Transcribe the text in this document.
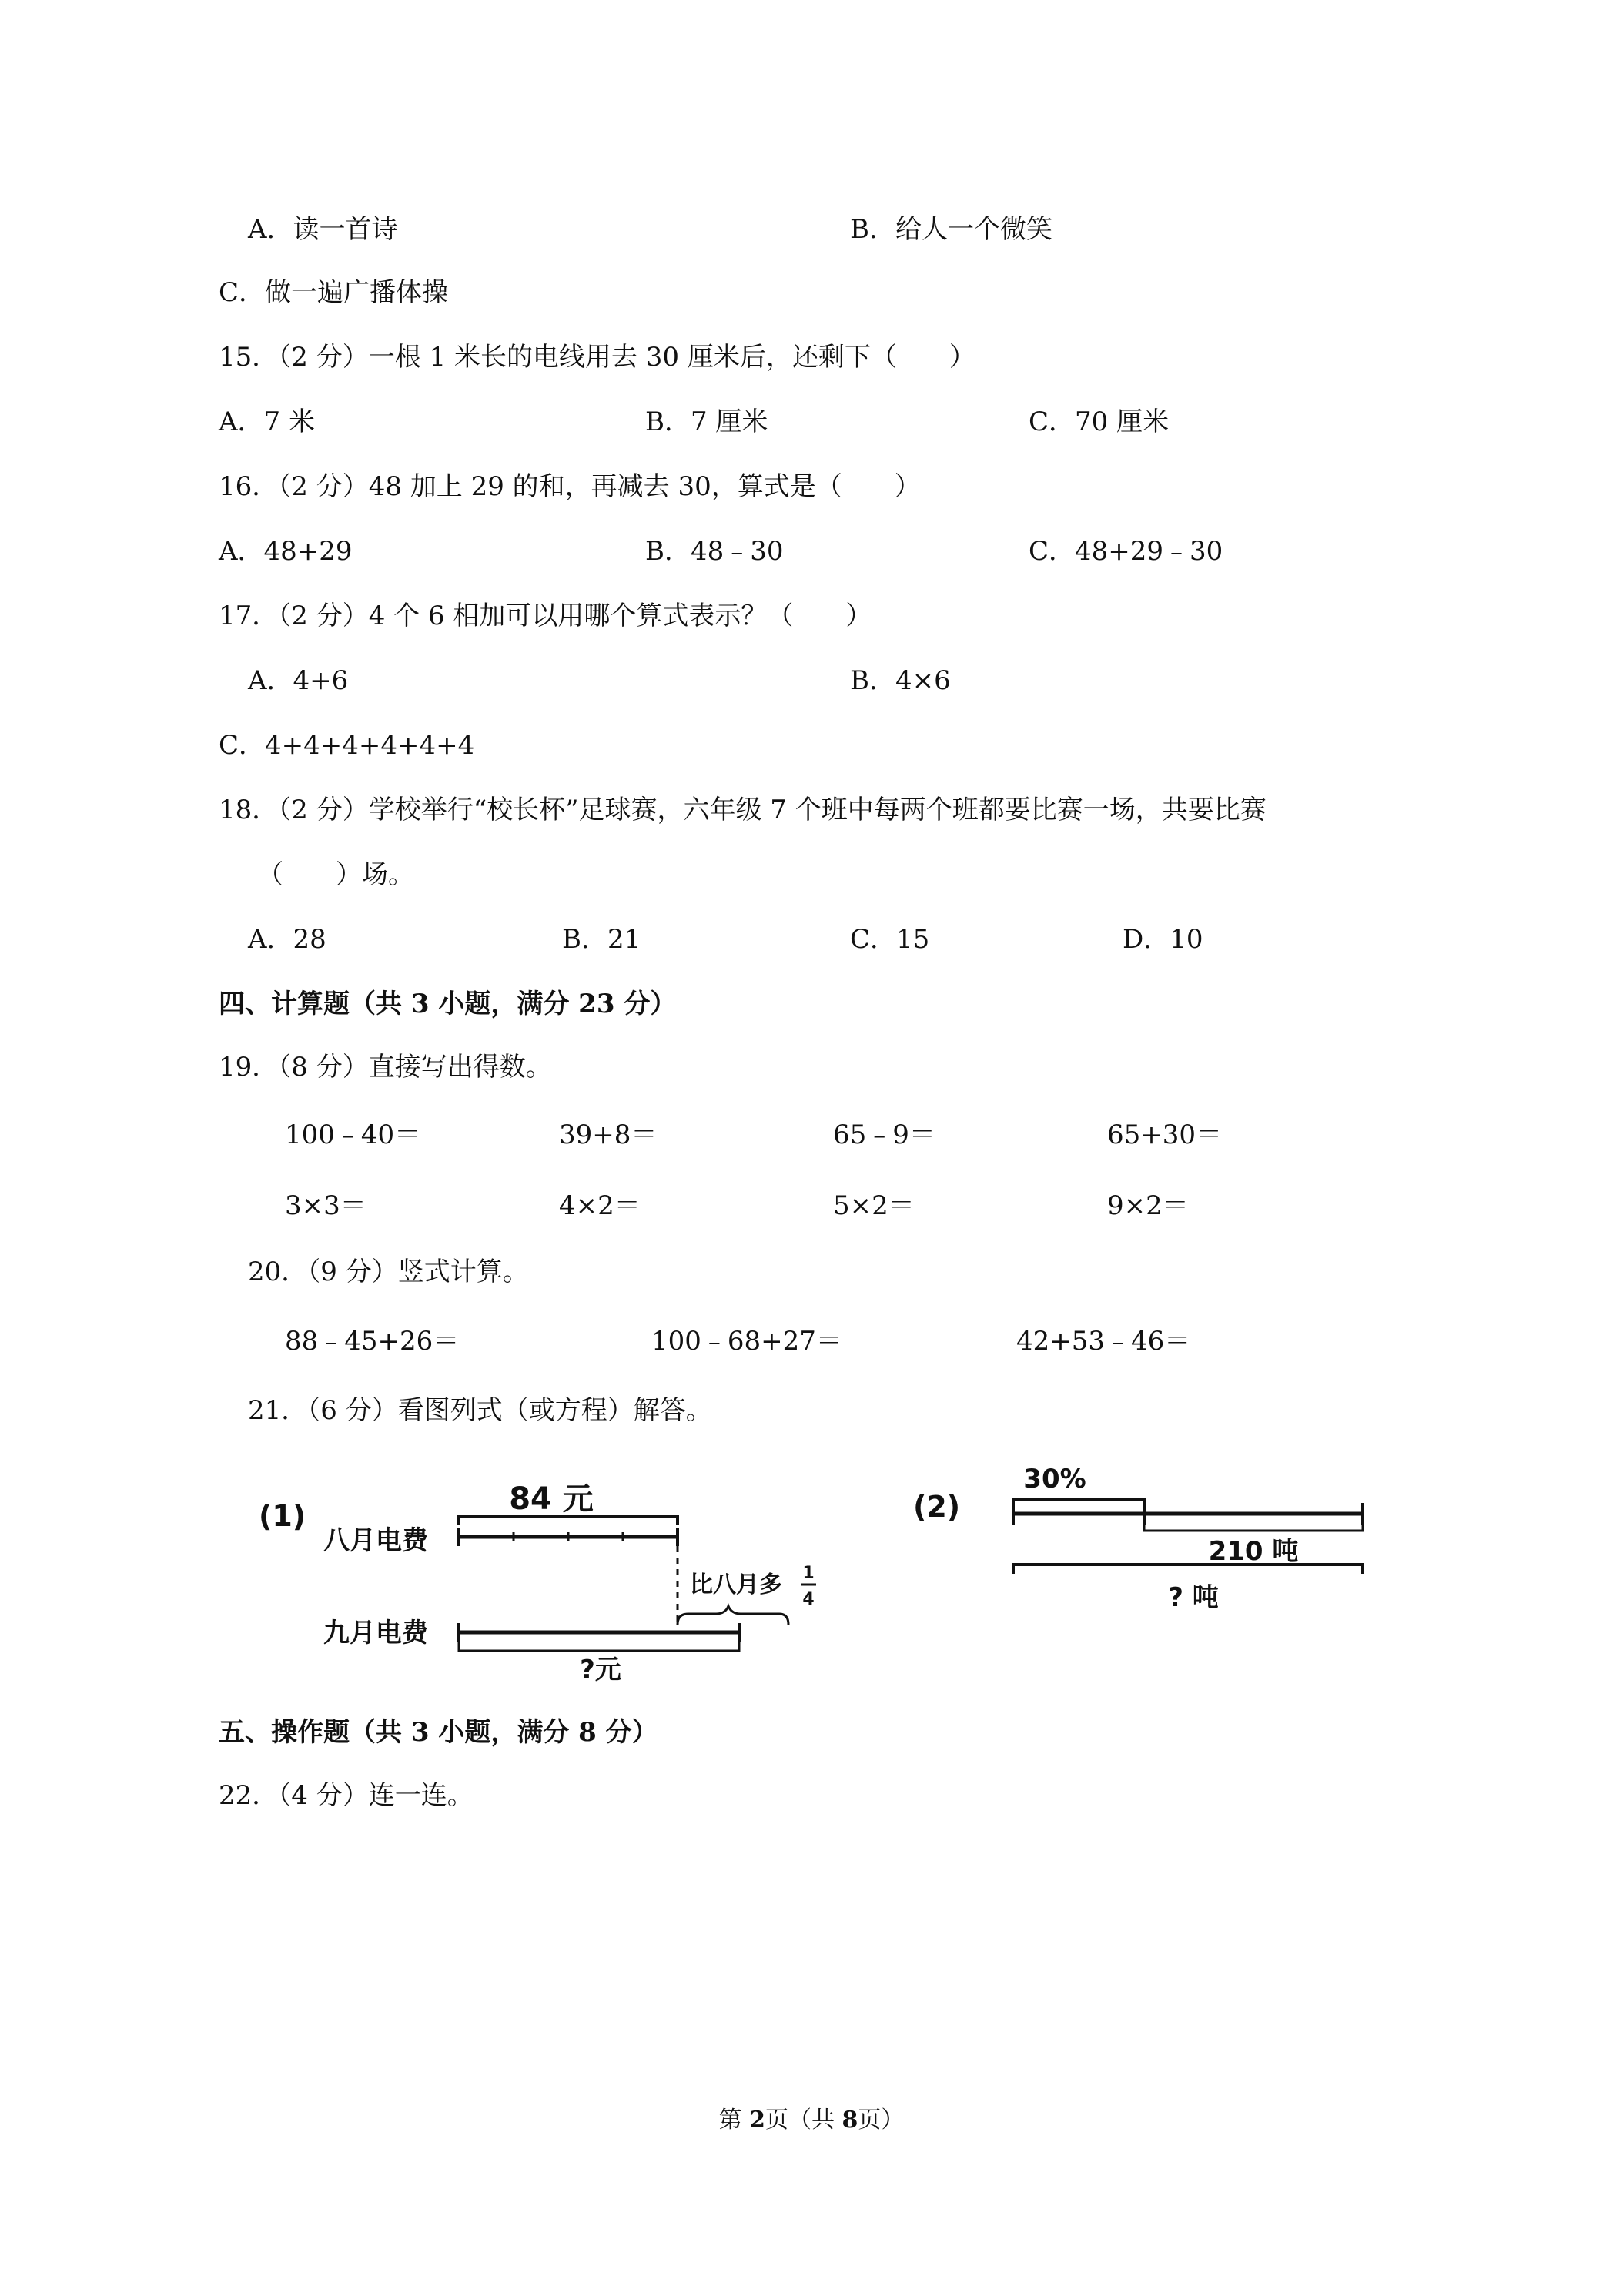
A．读一首诗	B．给人一个微笑
C．做一遍广播体操
15．（2 分）一根 1 米长的电线用去 30 厘米后，还剩下（　　）
A．7 米	B．7 厘米	C．70 厘米
16．（2 分）48 加上 29 的和，再减去 30，算式是（　　）
A．48+29	B．48﹣30	C．48+29﹣30
17．（2 分）4 个 6 相加可以用哪个算式表示？（　　）
A．4+6	B．4×6
C．4+4+4+4+4+4
18．（2 分）学校举行“校长杯”足球赛，六年级 7 个班中每两个班都要比赛一场，共要比赛
（　　）场。
A．28	B．21	C．15	D．10
四、计算题（共 3 小题，满分 23 分）
19．（8 分）直接写出得数。
100﹣40＝	39+8＝	65﹣9＝	65+30＝
3×3＝	4×2＝	5×2＝	9×2＝
20．（9 分）竖式计算。
88﹣45+26＝	100﹣68+27＝	42+53﹣46＝
21．（6 分）看图列式（或方程）解答。
(1)	84 元
八月电费
比八月多 1
4
九月电费
?元
(2)
30%
210 吨
? 吨
五、操作题（共 3 小题，满分 8 分）
22．（4 分）连一连。
第 2页（共 8页）
